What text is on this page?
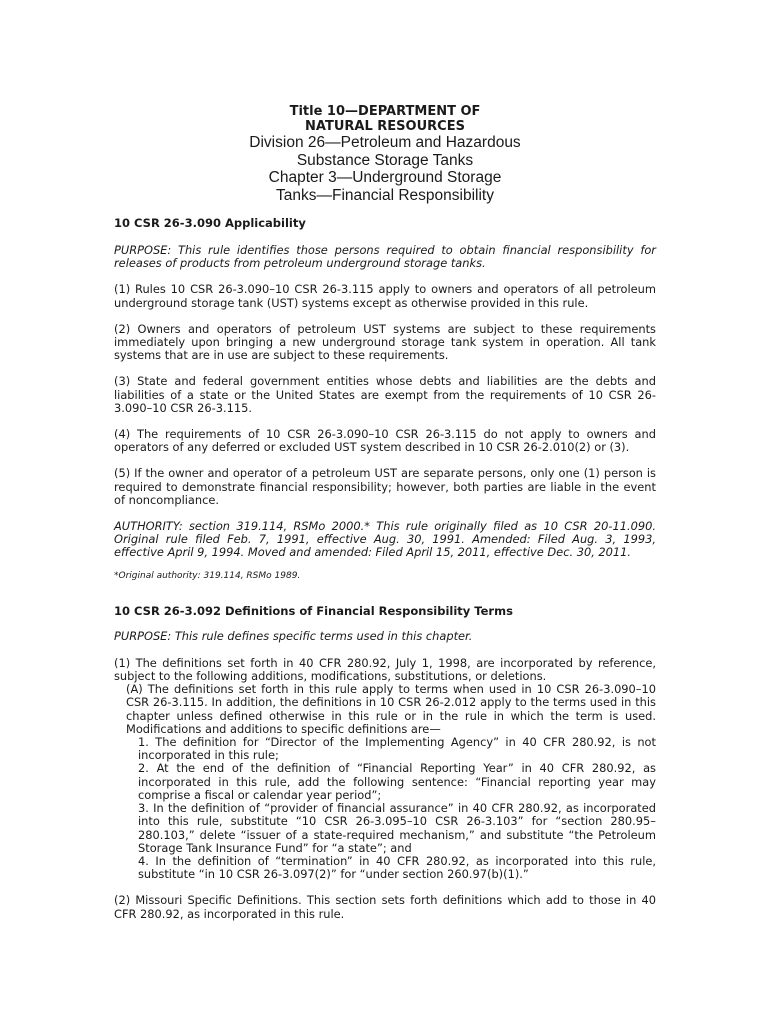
Title 10—DEPARTMENT OF
NATURAL RESOURCES
Division 26—Petroleum and Hazardous
Substance Storage Tanks
Chapter 3—Underground Storage
Tanks—Financial Responsibility
10 CSR 26-3.090 Applicability

PURPOSE: This rule identifies those persons required to obtain financial responsibility for releases of products from petroleum underground storage tanks.

(1) Rules 10 CSR 26-3.090–10 CSR 26-3.115 apply to owners and operators of all petroleum underground storage tank (UST) systems except as otherwise provided in this rule.

(2) Owners and operators of petroleum UST systems are subject to these requirements immediately upon bringing a new underground storage tank system in operation. All tank systems that are in use are subject to these requirements.

(3) State and federal government entities whose debts and liabilities are the debts and liabilities of a state or the United States are exempt from the requirements of 10 CSR 26-3.090–10 CSR 26-3.115.

(4) The requirements of 10 CSR 26-3.090–10 CSR 26-3.115 do not apply to owners and operators of any deferred or excluded UST system described in 10 CSR 26-2.010(2) or (3).

(5) If the owner and operator of a petroleum UST are separate persons, only one (1) person is required to demonstrate financial responsibility; however, both parties are liable in the event of noncompliance.

AUTHORITY: section 319.114, RSMo 2000.* This rule originally filed as 10 CSR 20-11.090. Original rule filed Feb. 7, 1991, effective Aug. 30, 1991. Amended: Filed Aug. 3, 1993, effective April 9, 1994. Moved and amended: Filed April 15, 2011, effective Dec. 30, 2011.

*Original authority: 319.114, RSMo 1989.

10 CSR 26-3.092 Definitions of Financial Responsibility Terms

PURPOSE: This rule defines specific terms used in this chapter.

(1) The definitions set forth in 40 CFR 280.92, July 1, 1998, are incorporated by reference, subject to the following additions, modifications, substitutions, or deletions.

(A) The definitions set forth in this rule apply to terms when used in 10 CSR 26-3.090–10 CSR 26-3.115. In addition, the definitions in 10 CSR 26-2.012 apply to the terms used in this chapter unless defined otherwise in this rule or in the rule in which the term is used. Modifications and additions to specific definitions are—

1. The definition for “Director of the Implementing Agency” in 40 CFR 280.92, is not incorporated in this rule;

2. At the end of the definition of “Financial Reporting Year” in 40 CFR 280.92, as incorporated in this rule, add the following sentence: “Financial reporting year may comprise a fiscal or calendar year period”;

3. In the definition of “provider of financial assurance” in 40 CFR 280.92, as incorporated into this rule, substitute “10 CSR 26-3.095–10 CSR 26-3.103” for “section 280.95–280.103,” delete “issuer of a state-required mechanism,” and substitute “the Petroleum Storage Tank Insurance Fund” for “a state”; and

4. In the definition of “termination” in 40 CFR 280.92, as incorporated into this rule, substitute “in 10 CSR 26-3.097(2)” for “under section 260.97(b)(1).”

(2) Missouri Specific Definitions. This section sets forth definitions which add to those in 40 CFR 280.92, as incorporated in this rule.
